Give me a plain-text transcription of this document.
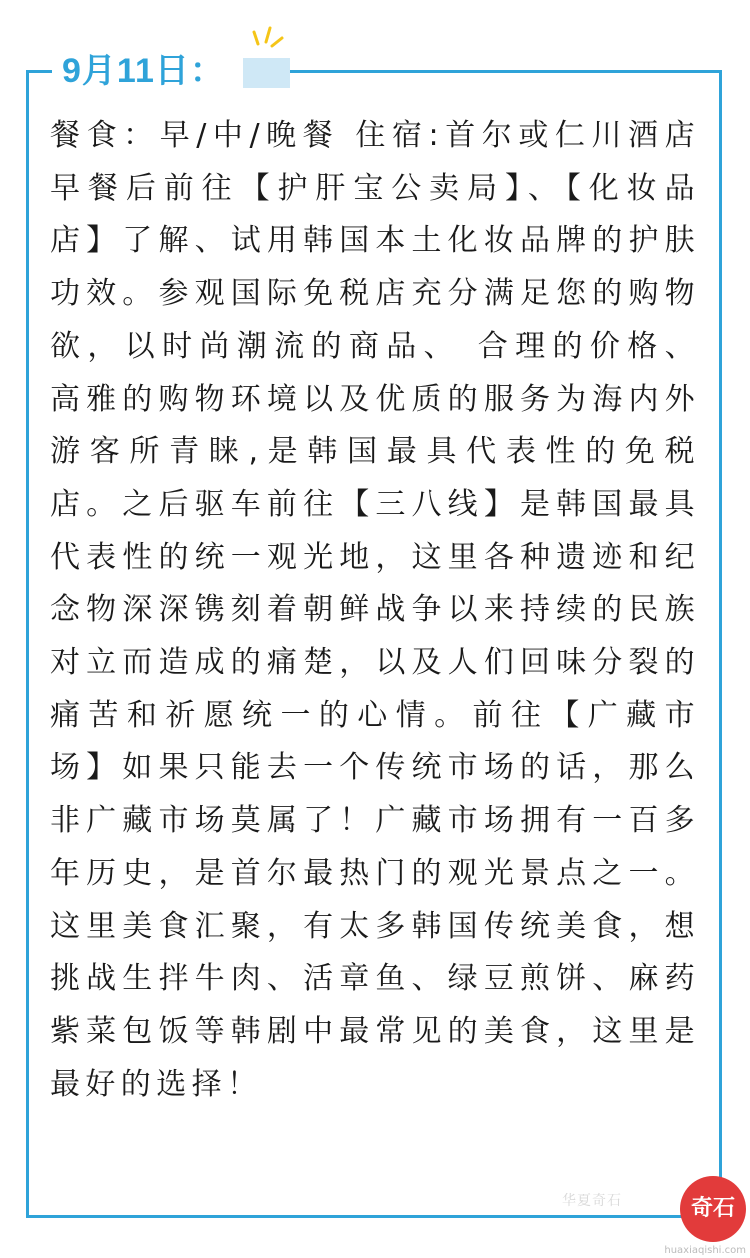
9月11日：
餐食：早/中/晚餐 住宿:首尔或仁川酒店早餐后前往【护肝宝公卖局】、【化妆品店】了解、试用韩国本土化妆品牌的护肤功效。参观国际免税店充分满足您的购物欲，以时尚潮流的商品、 合理的价格、高雅的购物环境以及优质的服务为海内外游客所青睐,是韩国最具代表性的免税店。之后驱车前往【三八线】是韩国最具代表性的统一观光地，这里各种遗迹和纪念物深深镌刻着朝鲜战争以来持续的民族对立而造成的痛楚，以及人们回味分裂的痛苦和祈愿统一的心情。前往【广藏市场】如果只能去一个传统市场的话，那么非广藏市场莫属了！广藏市场拥有一百多年历史，是首尔最热门的观光景点之一。这里美食汇聚，有太多韩国传统美食，想挑战生拌牛肉、活章鱼、绿豆煎饼、麻药紫菜包饭等韩剧中最常见的美食，这里是最好的选择！
华夏奇石	奇石
huaxiaqishi.com
